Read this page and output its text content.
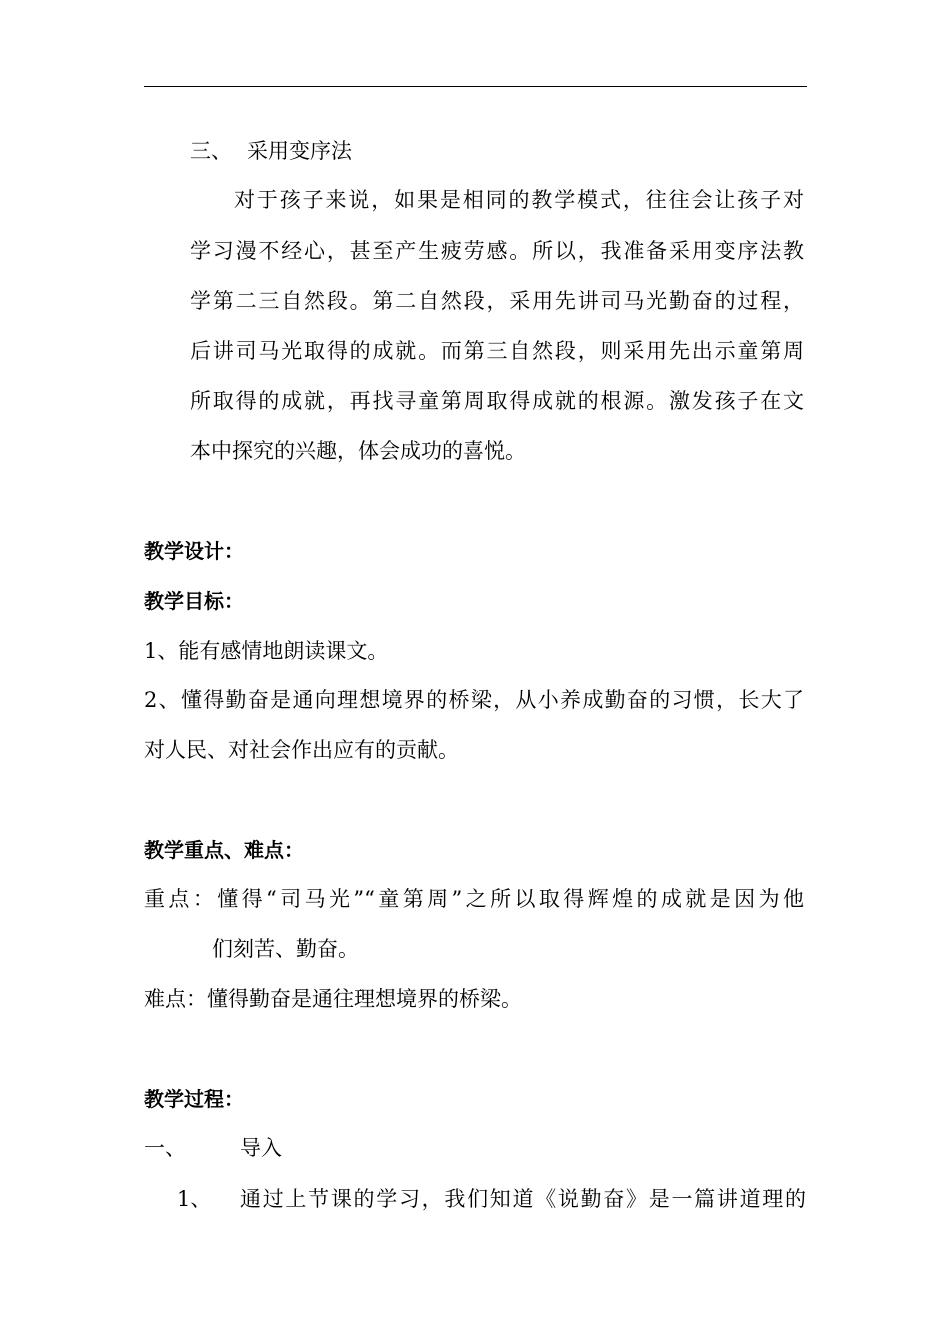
三、 采用变序法
对于孩子来说，如果是相同的教学模式，往往会让孩子对
学习漫不经心，甚至产生疲劳感。所以，我准备采用变序法教
学第二三自然段。第二自然段，采用先讲司马光勤奋的过程，
后讲司马光取得的成就。而第三自然段，则采用先出示童第周
所取得的成就，再找寻童第周取得成就的根源。激发孩子在文
本中探究的兴趣，体会成功的喜悦。
教学设计：
教学目标：
1、能有感情地朗读课文。
2、懂得勤奋是通向理想境界的桥梁，从小养成勤奋的习惯，长大了
对人民、对社会作出应有的贡献。
教学重点、难点：
重点：懂得“司马光”“童第周”之所以取得辉煌的成就是因为他
们刻苦、勤奋。
难点：懂得勤奋是通往理想境界的桥梁。
教学过程：
一、	导入
1、 通过上节课的学习，我们知道《说勤奋》是一篇讲道理的
